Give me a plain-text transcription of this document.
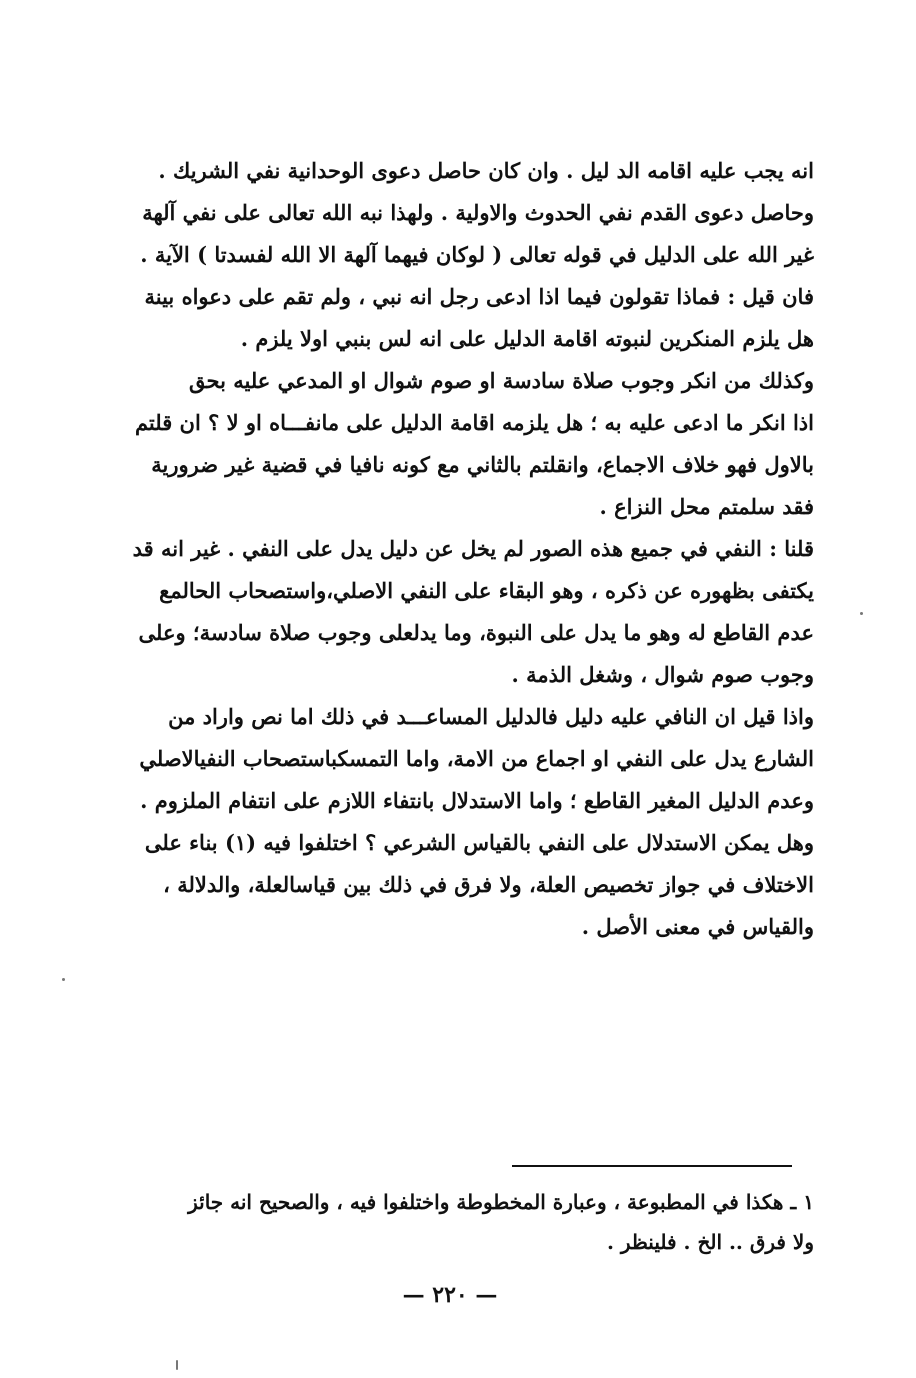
انه يجب عليه اقامه الد ليل . وان كان حاصل دعوى الوحدانية نفي الشريك .
وحاصل دعوى القدم نفي الحدوث والاولية . ولهذا نبه الله تعالى على نفي آلهة
غير الله على الدليل في قوله تعالى ( لوكان فيهما آلهة الا الله لفسدتا ) الآية .
فان قيل : فماذا تقولون فيما اذا ادعى رجل انه نبي ، ولم تقم على دعواه بينة
هل يلزم المنكرين لنبوته اقامة الدليل على انه لس بنبي اولا يلزم .
وكذلك من انكر وجوب صلاة سادسة او صوم شوال او المدعي عليه بحق
اذا انكر ما ادعى عليه به ؛ هل يلزمه اقامة الدليل على مانفـــاه او لا ؟ ان قلتم
بالاول فهو خلاف الاجماع، وانقلتم بالثاني مع كونه نافيا في قضية غير ضرورية
فقد سلمتم محل النزاع .
قلنا : النفي في جميع هذه الصور لم يخل عن دليل يدل على النفي . غير انه قد
يكتفى بظهوره عن ذكره ، وهو البقاء على النفي الاصلي،واستصحاب الحالمع
عدم القاطع له وهو ما يدل على النبوة، وما يدلعلى وجوب صلاة سادسة؛ وعلى
وجوب صوم شوال ، وشغل الذمة .
واذا قيل ان النافي عليه دليل فالدليل المساعـــد في ذلك اما نص واراد من
الشارع يدل على النفي او اجماع من الامة، واما التمسكباستصحاب النفيالاصلي
وعدم الدليل المغير القاطع ؛ واما الاستدلال بانتفاء اللازم على انتفام الملزوم .
وهل يمكن الاستدلال على النفي بالقياس الشرعي ؟ اختلفوا فيه (١) بناء على
الاختلاف في جواز تخصيص العلة، ولا فرق في ذلك بين قياسالعلة، والدلالة ،
والقياس في معنى الأصل .
١ ـ هكذا في المطبوعة ، وعبارة المخطوطة واختلفوا فيه ، والصحيح انه جائز
ولا فرق .. الخ . فلينظر .
— ٢٢٠ —
